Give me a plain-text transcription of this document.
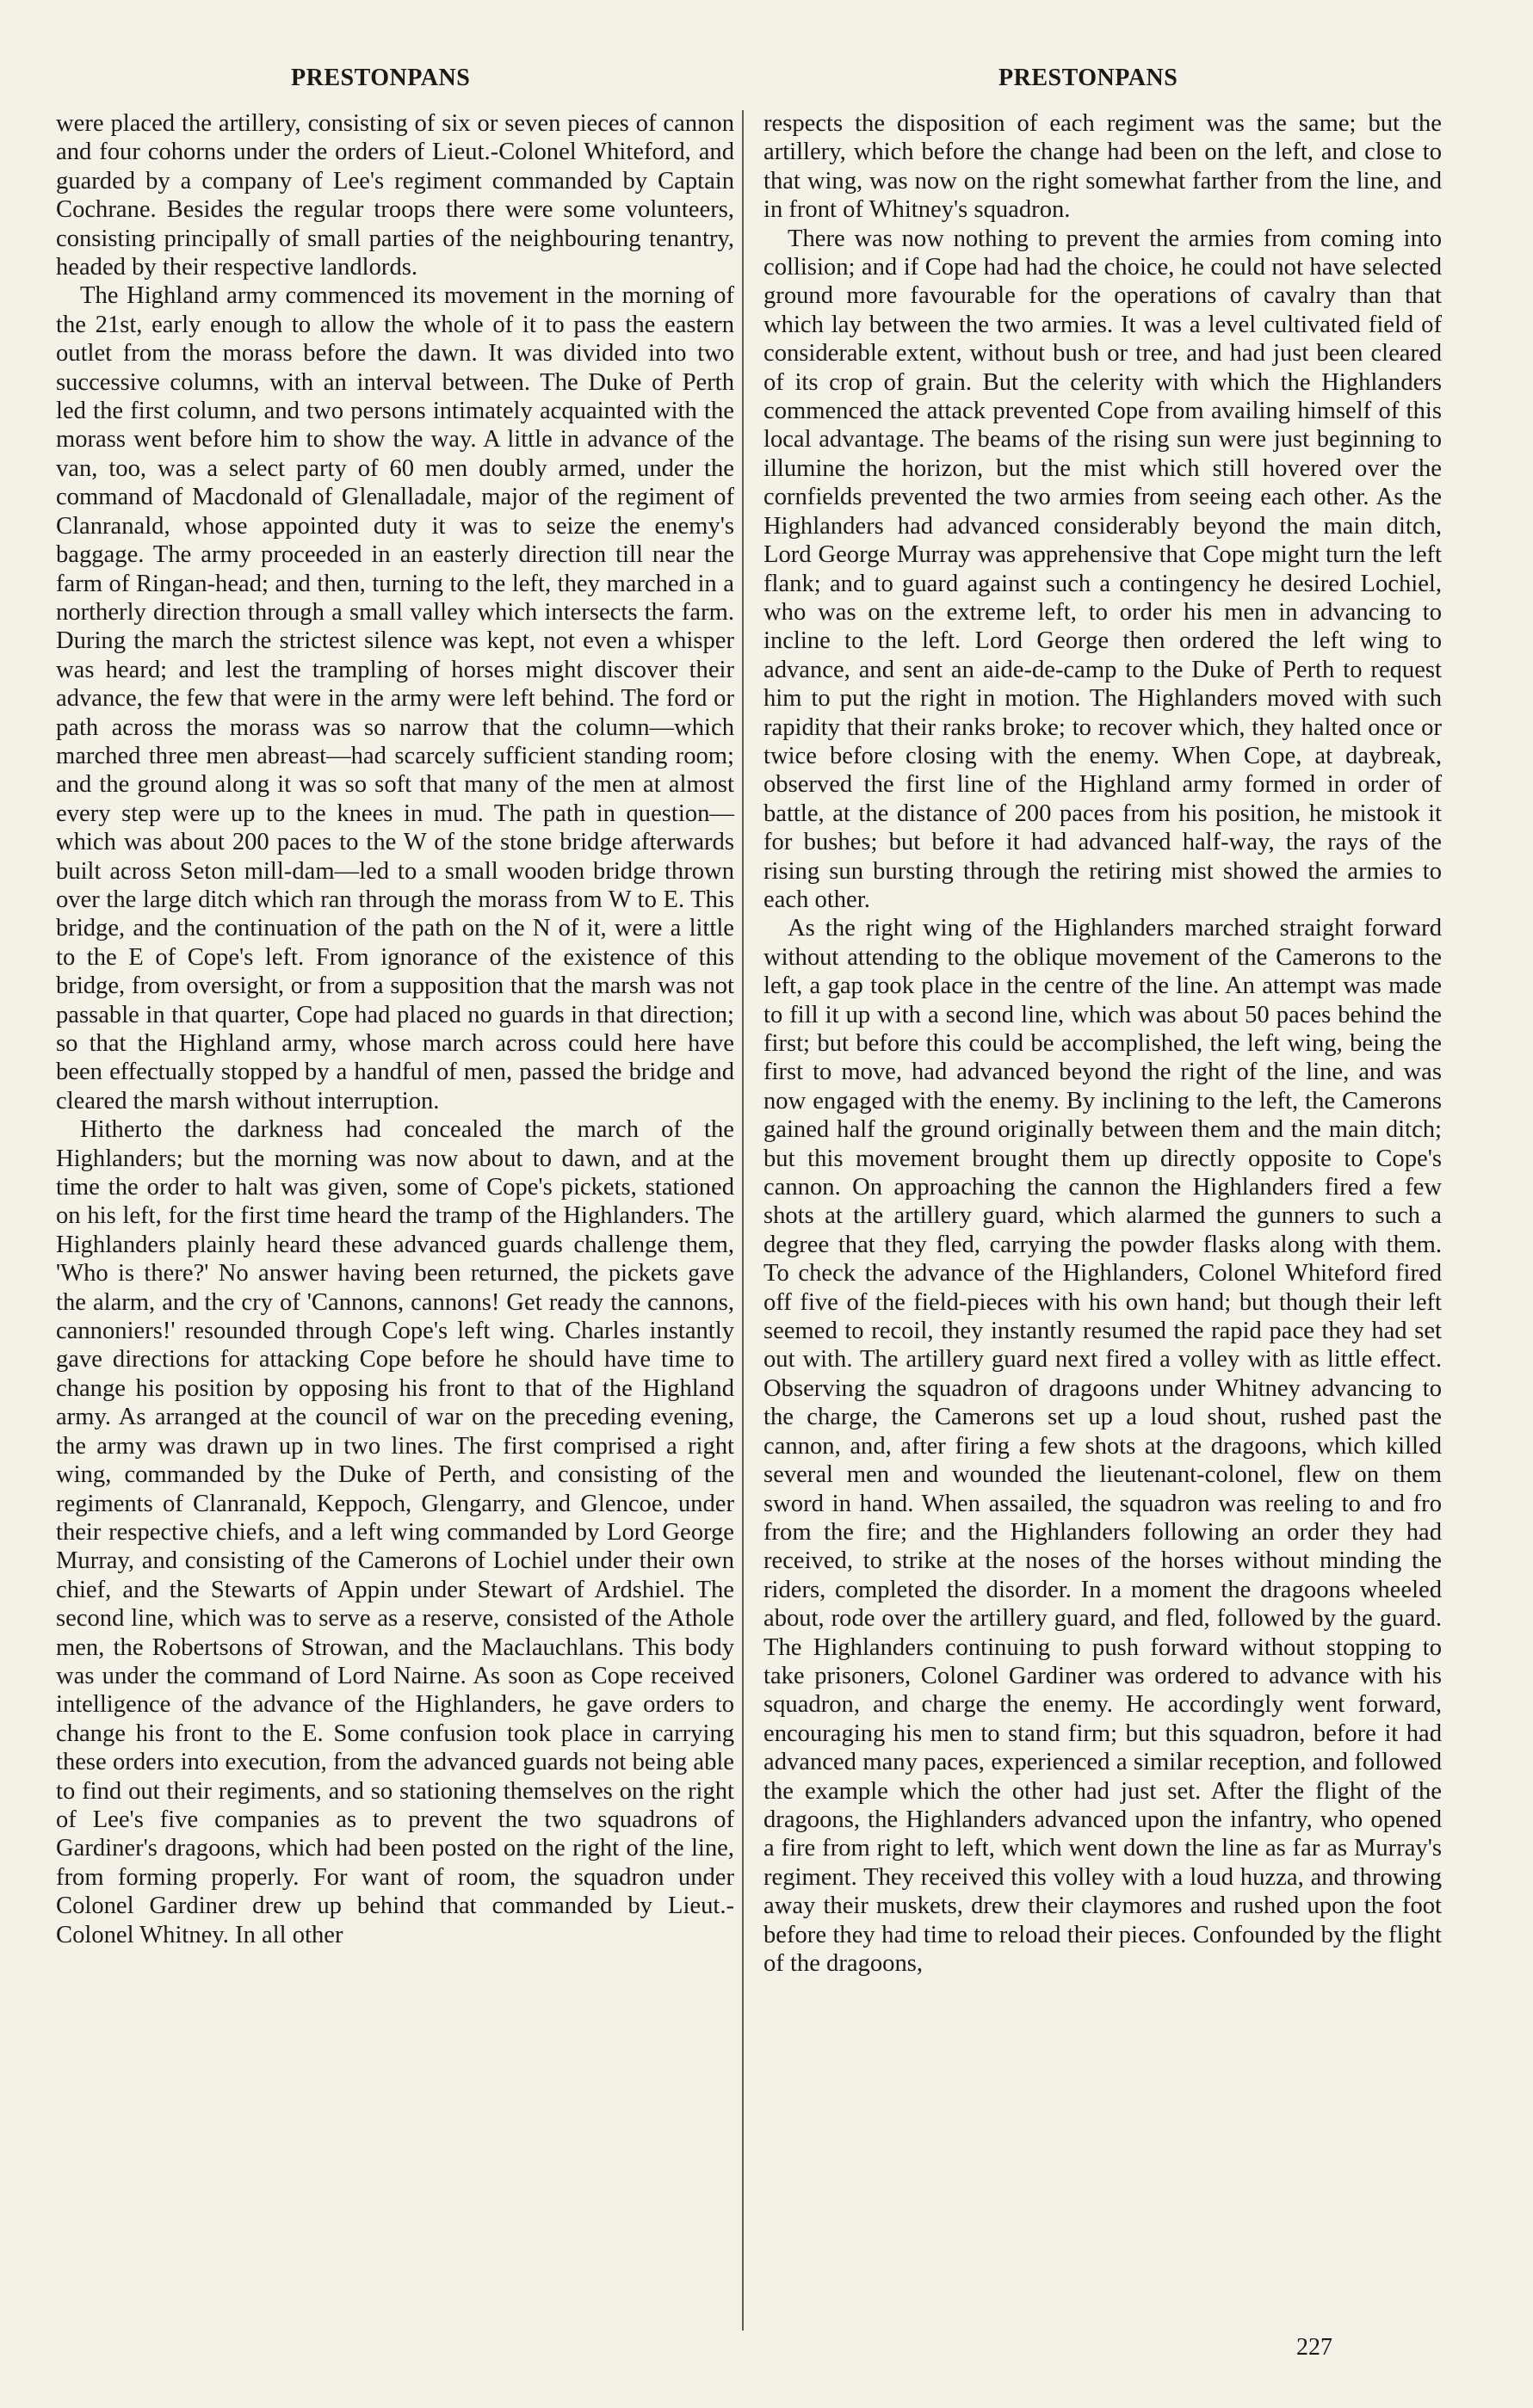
PRESTONPANS	PRESTONPANS

were placed the artillery, consisting of six or seven pieces of cannon and four cohorns under the orders of Lieut.-Colonel Whiteford, and guarded by a company of Lee's regiment commanded by Captain Cochrane. Besides the regular troops there were some volunteers, consisting principally of small parties of the neighbouring tenantry, headed by their respective landlords.

The Highland army commenced its movement in the morning of the 21st, early enough to allow the whole of it to pass the eastern outlet from the morass before the dawn. It was divided into two successive columns, with an interval between. The Duke of Perth led the first column, and two persons intimately acquainted with the morass went before him to show the way. A little in advance of the van, too, was a select party of 60 men doubly armed, under the command of Macdonald of Glenalladale, major of the regiment of Clanranald, whose appointed duty it was to seize the enemy's baggage. The army proceeded in an easterly direction till near the farm of Ringan-head; and then, turning to the left, they marched in a northerly direction through a small valley which intersects the farm. During the march the strictest silence was kept, not even a whisper was heard; and lest the trampling of horses might discover their advance, the few that were in the army were left behind. The ford or path across the morass was so narrow that the column—which marched three men abreast—had scarcely sufficient standing room; and the ground along it was so soft that many of the men at almost every step were up to the knees in mud. The path in question—which was about 200 paces to the W of the stone bridge afterwards built across Seton mill-dam—led to a small wooden bridge thrown over the large ditch which ran through the morass from W to E. This bridge, and the continuation of the path on the N of it, were a little to the E of Cope's left. From ignorance of the existence of this bridge, from oversight, or from a supposition that the marsh was not passable in that quarter, Cope had placed no guards in that direction; so that the Highland army, whose march across could here have been effectually stopped by a handful of men, passed the bridge and cleared the marsh without interruption.

Hitherto the darkness had concealed the march of the Highlanders; but the morning was now about to dawn, and at the time the order to halt was given, some of Cope's pickets, stationed on his left, for the first time heard the tramp of the Highlanders. The Highlanders plainly heard these advanced guards challenge them, 'Who is there?' No answer having been returned, the pickets gave the alarm, and the cry of 'Cannons, cannons! Get ready the cannons, cannoniers!' resounded through Cope's left wing. Charles instantly gave directions for attacking Cope before he should have time to change his position by opposing his front to that of the Highland army. As arranged at the council of war on the preceding evening, the army was drawn up in two lines. The first comprised a right wing, commanded by the Duke of Perth, and consisting of the regiments of Clanranald, Keppoch, Glengarry, and Glencoe, under their respective chiefs, and a left wing commanded by Lord George Murray, and consisting of the Camerons of Lochiel under their own chief, and the Stewarts of Appin under Stewart of Ardshiel. The second line, which was to serve as a reserve, consisted of the Athole men, the Robertsons of Strowan, and the Maclauchlans. This body was under the command of Lord Nairne. As soon as Cope received intelligence of the advance of the Highlanders, he gave orders to change his front to the E. Some confusion took place in carrying these orders into execution, from the advanced guards not being able to find out their regiments, and so stationing themselves on the right of Lee's five companies as to prevent the two squadrons of Gardiner's dragoons, which had been posted on the right of the line, from forming properly. For want of room, the squadron under Colonel Gardiner drew up behind that commanded by Lieut.-Colonel Whitney. In all other

respects the disposition of each regiment was the same; but the artillery, which before the change had been on the left, and close to that wing, was now on the right somewhat farther from the line, and in front of Whitney's squadron.

There was now nothing to prevent the armies from coming into collision; and if Cope had had the choice, he could not have selected ground more favourable for the operations of cavalry than that which lay between the two armies. It was a level cultivated field of considerable extent, without bush or tree, and had just been cleared of its crop of grain. But the celerity with which the Highlanders commenced the attack prevented Cope from availing himself of this local advantage. The beams of the rising sun were just beginning to illumine the horizon, but the mist which still hovered over the cornfields prevented the two armies from seeing each other. As the Highlanders had advanced considerably beyond the main ditch, Lord George Murray was apprehensive that Cope might turn the left flank; and to guard against such a contingency he desired Lochiel, who was on the extreme left, to order his men in advancing to incline to the left. Lord George then ordered the left wing to advance, and sent an aide-de-camp to the Duke of Perth to request him to put the right in motion. The Highlanders moved with such rapidity that their ranks broke; to recover which, they halted once or twice before closing with the enemy. When Cope, at daybreak, observed the first line of the Highland army formed in order of battle, at the distance of 200 paces from his position, he mistook it for bushes; but before it had advanced half-way, the rays of the rising sun bursting through the retiring mist showed the armies to each other.

As the right wing of the Highlanders marched straight forward without attending to the oblique movement of the Camerons to the left, a gap took place in the centre of the line. An attempt was made to fill it up with a second line, which was about 50 paces behind the first; but before this could be accomplished, the left wing, being the first to move, had advanced beyond the right of the line, and was now engaged with the enemy. By inclining to the left, the Camerons gained half the ground originally between them and the main ditch; but this movement brought them up directly opposite to Cope's cannon. On approaching the cannon the Highlanders fired a few shots at the artillery guard, which alarmed the gunners to such a degree that they fled, carrying the powder flasks along with them. To check the advance of the Highlanders, Colonel Whiteford fired off five of the field-pieces with his own hand; but though their left seemed to recoil, they instantly resumed the rapid pace they had set out with. The artillery guard next fired a volley with as little effect. Observing the squadron of dragoons under Whitney advancing to the charge, the Camerons set up a loud shout, rushed past the cannon, and, after firing a few shots at the dragoons, which killed several men and wounded the lieutenant-colonel, flew on them sword in hand. When assailed, the squadron was reeling to and fro from the fire; and the Highlanders following an order they had received, to strike at the noses of the horses without minding the riders, completed the disorder. In a moment the dragoons wheeled about, rode over the artillery guard, and fled, followed by the guard. The Highlanders continuing to push forward without stopping to take prisoners, Colonel Gardiner was ordered to advance with his squadron, and charge the enemy. He accordingly went forward, encouraging his men to stand firm; but this squadron, before it had advanced many paces, experienced a similar reception, and followed the example which the other had just set. After the flight of the dragoons, the Highlanders advanced upon the infantry, who opened a fire from right to left, which went down the line as far as Murray's regiment. They received this volley with a loud huzza, and throwing away their muskets, drew their claymores and rushed upon the foot before they had time to reload their pieces. Confounded by the flight of the dragoons,

227
